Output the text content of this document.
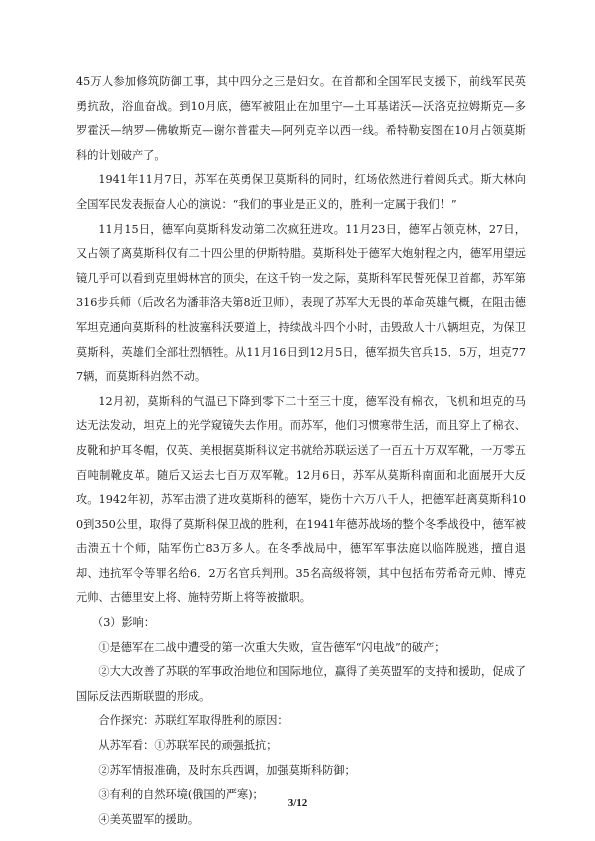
45万人参加修筑防御工事，其中四分之三是妇女。在首都和全国军民支援下，前线军民英勇抗敌，浴血奋战。到10月底，德军被阻止在加里宁—土耳基诺沃—沃洛克拉姆斯克—多罗霍沃—纳罗—佛敏斯克—谢尔普霍夫—阿列克辛以西一线。希特勒妄图在10月占领莫斯科的计划破产了。

1941年11月7日，苏军在英勇保卫莫斯科的同时，红场依然进行着阅兵式。斯大林向全国军民发表振奋人心的演说：“我们的事业是正义的，胜利一定属于我们！”

11月15日，德军向莫斯科发动第二次疯狂进攻。11月23日，德军占领克林，27日，又占领了离莫斯科仅有二十四公里的伊斯特腊。莫斯科处于德军大炮射程之内，德军用望远镜几乎可以看到克里姆林宫的顶尖，在这千钧一发之际，莫斯科军民誓死保卫首都，苏军第316步兵师（后改名为潘菲洛夫第8近卫师），表现了苏军大无畏的革命英雄气概，在阻击德军坦克通向莫斯科的杜波塞科沃要道上，持续战斗四个小时，击毁敌人十八辆坦克，为保卫莫斯科，英雄们全部壮烈牺牲。从11月16日到12月5日，德军损失官兵15．5万，坦克777辆，而莫斯科岿然不动。

12月初，莫斯科的气温已下降到零下二十至三十度，德军没有棉衣，飞机和坦克的马达无法发动，坦克上的光学窥镜失去作用。而苏军，他们习惯寒带生活，而且穿上了棉衣、皮靴和护耳冬帽，仅英、美根据莫斯科议定书就给苏联运送了一百五十万双军靴，一万零五百吨制靴皮革。随后又运去七百万双军靴。12月6日，苏军从莫斯科南面和北面展开大反攻。1942年初，苏军击溃了进攻莫斯科的德军，毙伤十六万八千人，把德军赶离莫斯科100到350公里，取得了莫斯科保卫战的胜利，在1941年德苏战场的整个冬季战役中，德军被击溃五十个师，陆军伤亡83万多人。在冬季战局中，德军军事法庭以临阵脱逃，擅自退却、违抗军令等罪名给6．2万名官兵判刑。35名高级将领，其中包括布劳希奇元帅、博克元帅、古德里安上将、施特劳斯上将等被撤职。

（3）影响：

①是德军在二战中遭受的第一次重大失败，宣告德军“闪电战”的破产；

②大大改善了苏联的军事政治地位和国际地位，赢得了美英盟军的支持和援助，促成了国际反法西斯联盟的形成。

合作探究：苏联红军取得胜利的原因：

从苏军看：①苏联军民的顽强抵抗；

②苏军情报准确，及时东兵西调，加强莫斯科防御；

③有利的自然环境(俄国的严寒)；

④美英盟军的援助。

3/12
